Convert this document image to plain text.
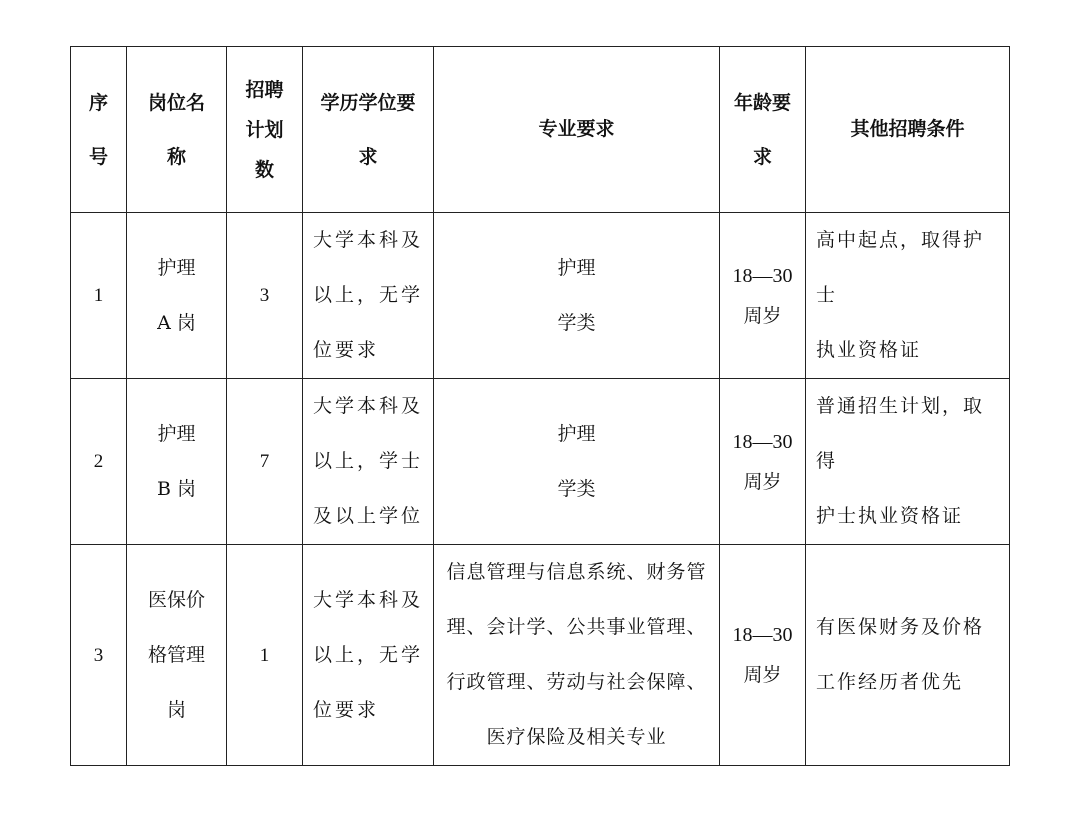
序
号	岗位名
称	招聘
计划
数	学历学位要
求	专业要求	年龄要
求	其他招聘条件

1	护理
A 岗	3	大学本科及
以上，无学
位要求	护理
学类	18—30
周岁	高中起点，取得护士
执业资格证

2	护理
B 岗	7	大学本科及
以上，学士
及以上学位	护理
学类	18—30
周岁	普通招生计划，取得
护士执业资格证

3	医保价
格管理
岗	1	大学本科及
以上，无学
位要求	信息管理与信息系统、财务管
理、会计学、公共事业管理、
行政管理、劳动与社会保障、
医疗保险及相关专业	18—30
周岁	有医保财务及价格
工作经历者优先
